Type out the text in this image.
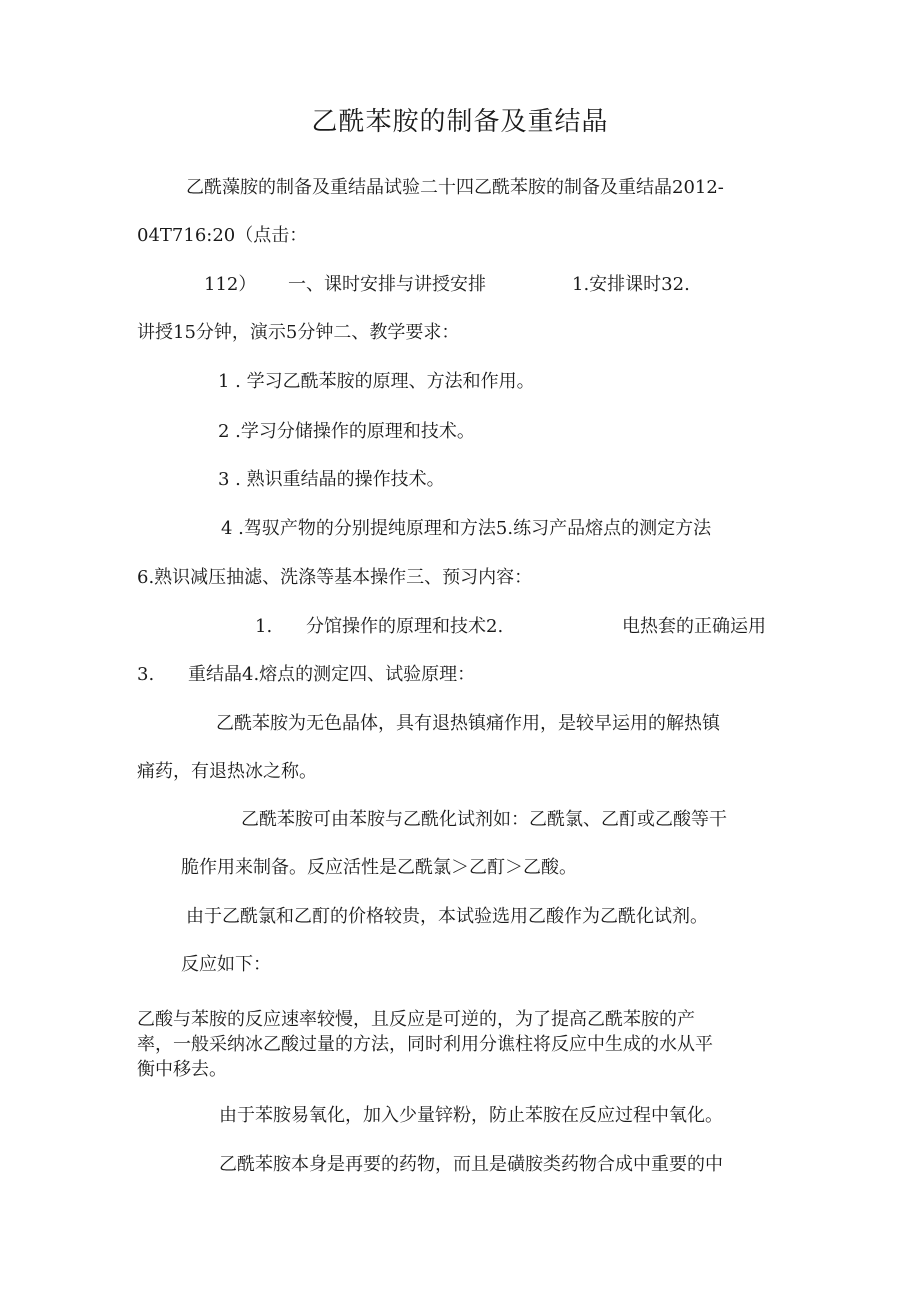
乙酰苯胺的制备及重结晶
乙酰藻胺的制备及重结晶试验二十四乙酰苯胺的制备及重结晶2012-
04T716:20（点击：
112） 一、课时安排与讲授安排	1.安排课时32.
讲授15分钟，演示5分钟二、教学要求：
1 . 学习乙酰苯胺的原理、方法和作用。
2 .学习分储操作的原理和技术。
3 . 熟识重结晶的操作技术。
4 .驾驭产物的分别提纯原理和方法5.练习产品熔点的测定方法
6.熟识减压抽滤、洗涤等基本操作三、预习内容：
1. 分馆操作的原理和技术2.	电热套的正确运用
3. 重结晶4.熔点的测定四、试验原理：
乙酰苯胺为无色晶体，具有退热镇痛作用，是较早运用的解热镇
痛药，有退热冰之称。
乙酰苯胺可由苯胺与乙酰化试剂如：乙酰氯、乙酊或乙酸等干
脆作用来制备。反应活性是乙酰氯＞乙酊＞乙酸。
由于乙酰氯和乙酊的价格较贵，本试验选用乙酸作为乙酰化试剂。
反应如下：
乙酸与苯胺的反应速率较慢，且反应是可逆的，为了提高乙酰苯胺的产
率，一般采纳冰乙酸过量的方法，同时利用分谯柱将反应中生成的水从平
衡中移去。
由于苯胺易氧化，加入少量锌粉，防止苯胺在反应过程中氧化。
乙酰苯胺本身是再要的药物，而且是磺胺类药物合成中重要的中
